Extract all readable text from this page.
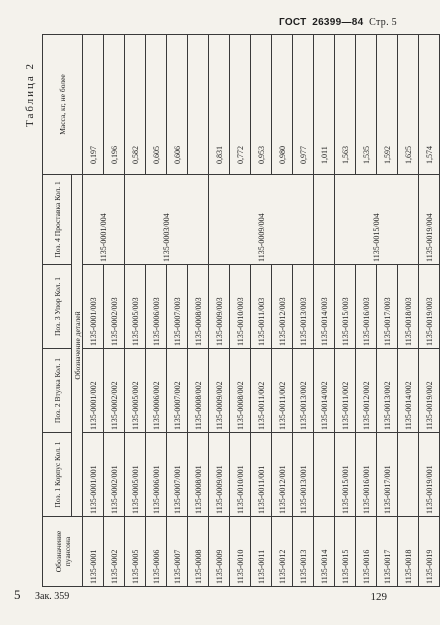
ГОСТ 26399—84 Стр. 5
Таблица 2
Обозначение пуансона	Поз. 1 Корпус Кол. 1	Поз. 2 Втулка Кол. 1	Поз. 3 Упор Кол. 1	Поз. 4 Проставка Кол. 1	Масса, кг, не более
	Обозначение деталей				
1135-0001	1135-0001/001	1135-0001/002	1135-0001/003	1135-0001/004	0,197
1135-0002	1135-0002/001	1135-0002/002	1135-0002/003		0,196
1135-0005	1135-0005/001	1135-0005/002	1135-0005/003	1135-0003/004	0,582
1135-0006	1135-0006/001	1135-0006/002	1135-0006/003		0,605
1135-0007	1135-0007/001	1135-0007/002	1135-0007/003		0,606
1135-0008	1135-0008/001	1135-0008/002	1135-0008/003		
1135-0009	1135-0009/001	1135-0009/002	1135-0009/003	1135-0009/004	0,831
1135-0010	1135-0010/001	1135-0008/002	1135-0010/003		0,772
1135-0011	1135-0011/001	1135-0011/002	1135-0011/003		0,953
1135-0012	1135-0012/001	1135-0011/002	1135-0012/003		0,980
1135-0013	1135-0013/001	1135-0013/002	1135-0013/003		0,977
1135-0014		1135-0014/002	1135-0014/003		1,011
1135-0015	1135-0015/001	1135-0011/002	1135-0015/003	1135-0015/004	1,563
1135-0016	1135-0016/001	1135-0012/002	1135-0016/003		1,535
1135-0017	1135-0017/001	1135-0013/002	1135-0017/003		1,592
1135-0018		1135-0014/002	1135-0018/003		1,625
1135-0019	1135-0019/001	1135-0019/002	1135-0019/003	1135-0019/004	1,574
5 Зак. 359	129
